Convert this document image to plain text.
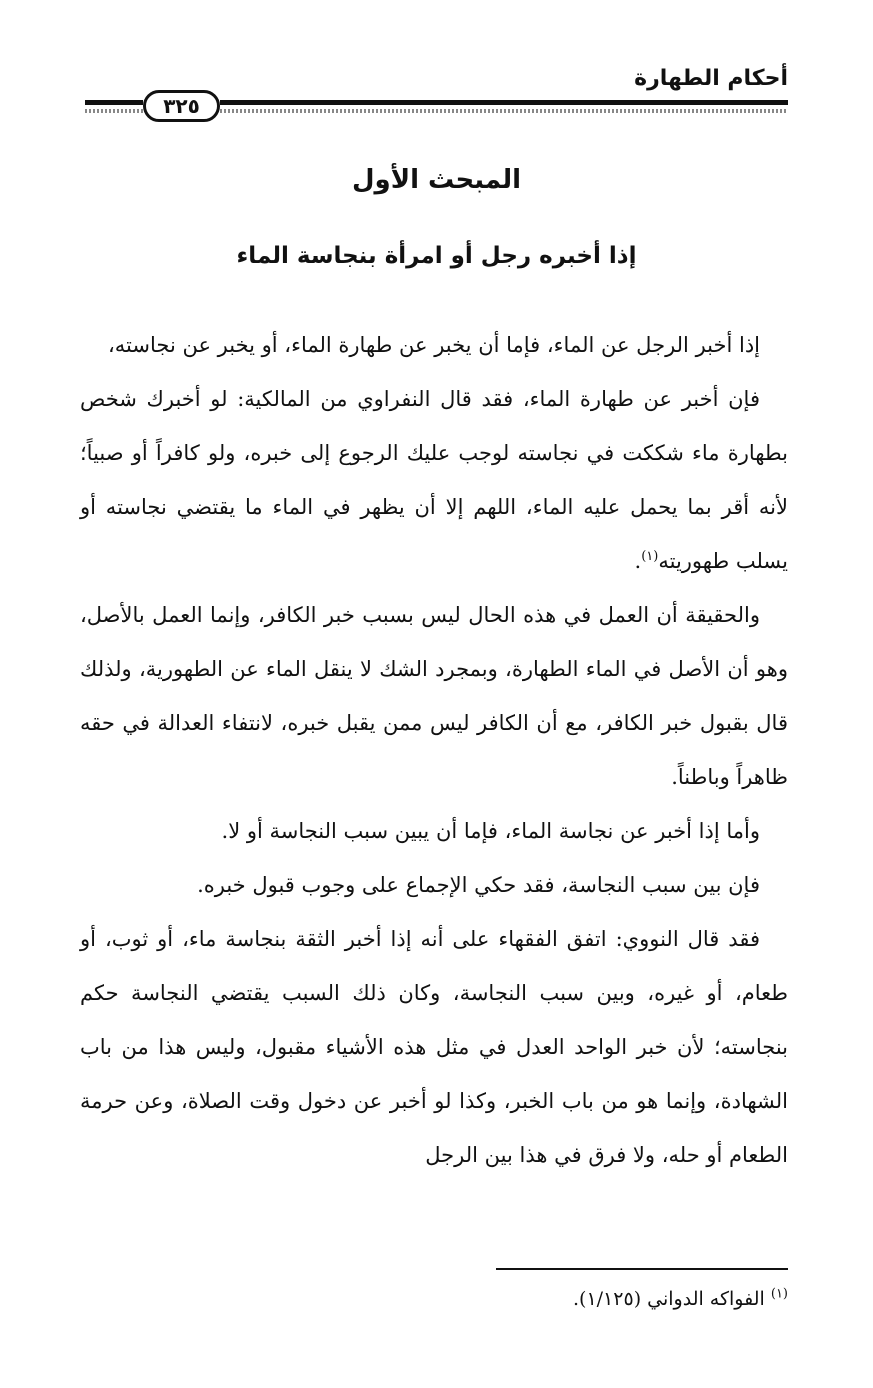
أحكام الطهارة
٣٢٥
المبحث الأول
إذا أخبره رجل أو امرأة بنجاسة الماء

إذا أخبر الرجل عن الماء، فإما أن يخبر عن طهارة الماء، أو يخبر عن نجاسته،

فإن أخبر عن طهارة الماء، فقد قال النفراوي من المالكية: لو أخبرك شخص بطهارة ماء شككت في نجاسته لوجب عليك الرجوع إلى خبره، ولو كافراً أو صبياً؛ لأنه أقر بما يحمل عليه الماء، اللهم إلا أن يظهر في الماء ما يقتضي نجاسته أو يسلب طهوريته$^{(١)}$.

والحقيقة أن العمل في هذه الحال ليس بسبب خبر الكافر، وإنما العمل بالأصل، وهو أن الأصل في الماء الطهارة، وبمجرد الشك لا ينقل الماء عن الطهورية، ولذلك قال بقبول خبر الكافر، مع أن الكافر ليس ممن يقبل خبره، لانتفاء العدالة في حقه ظاهراً وباطناً.

وأما إذا أخبر عن نجاسة الماء، فإما أن يبين سبب النجاسة أو لا.

فإن بين سبب النجاسة، فقد حكي الإجماع على وجوب قبول خبره.

فقد قال النووي: اتفق الفقهاء على أنه إذا أخبر الثقة بنجاسة ماء، أو ثوب، أو طعام، أو غيره، وبين سبب النجاسة، وكان ذلك السبب يقتضي النجاسة حكم بنجاسته؛ لأن خبر الواحد العدل في مثل هذه الأشياء مقبول، وليس هذا من باب الشهادة، وإنما هو من باب الخبر، وكذا لو أخبر عن دخول وقت الصلاة، وعن حرمة الطعام أو حله، ولا فرق في هذا بين الرجل

$^{(١)}$ الفواكه الدواني (١/١٢٥).
